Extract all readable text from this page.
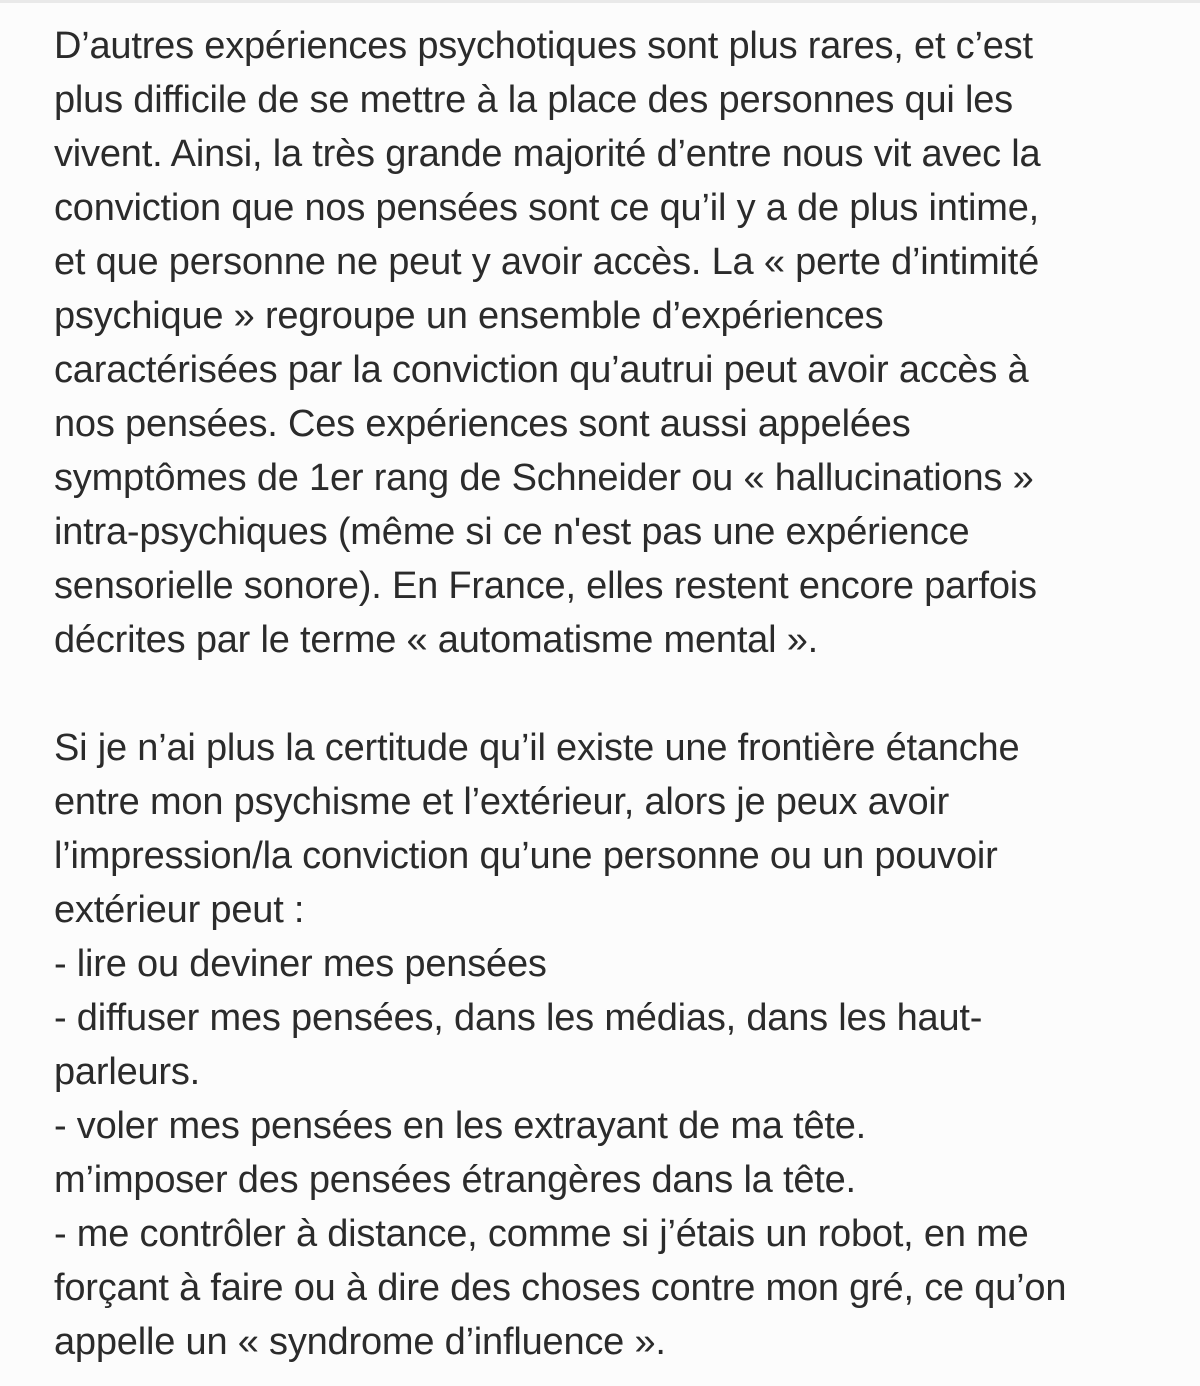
D’autres expériences psychotiques sont plus rares, et c’est
plus difficile de se mettre à la place des personnes qui les
vivent. Ainsi, la très grande majorité d’entre nous vit avec la
conviction que nos pensées sont ce qu’il y a de plus intime,
et que personne ne peut y avoir accès. La « perte d’intimité
psychique » regroupe un ensemble d’expériences
caractérisées par la conviction qu’autrui peut avoir accès à
nos pensées. Ces expériences sont aussi appelées
symptômes de 1er rang de Schneider ou « hallucinations »
intra-psychiques (même si ce n'est pas une expérience
sensorielle sonore). En France, elles restent encore parfois
décrites par le terme « automatisme mental ».
Si je n’ai plus la certitude qu’il existe une frontière étanche
entre mon psychisme et l’extérieur, alors je peux avoir
l’impression/la conviction qu’une personne ou un pouvoir
extérieur peut :
- lire ou deviner mes pensées
- diffuser mes pensées, dans les médias, dans les haut-
parleurs.
- voler mes pensées en les extrayant de ma tête.
m’imposer des pensées étrangères dans la tête.
- me contrôler à distance, comme si j’étais un robot, en me
forçant à faire ou à dire des choses contre mon gré, ce qu’on
appelle un « syndrome d’influence ».
